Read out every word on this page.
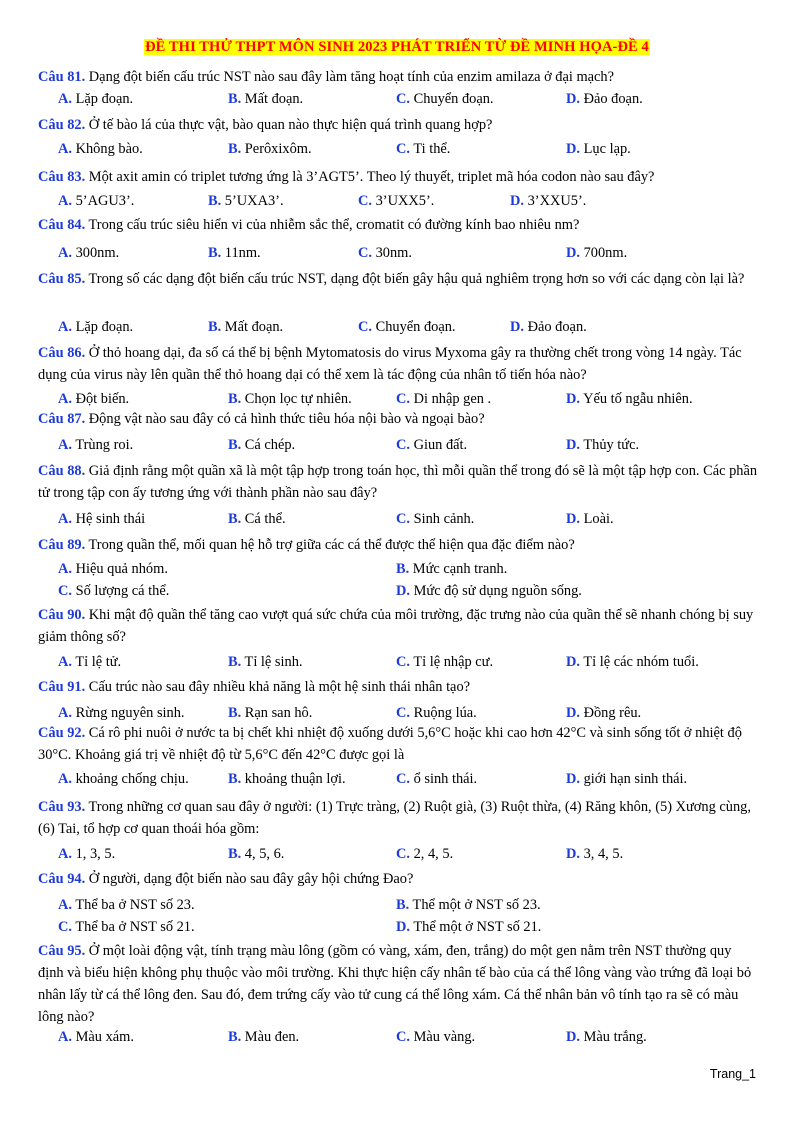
ĐỀ THI THỬ THPT MÔN SINH 2023 PHÁT TRIỂN TỪ ĐỀ MINH HỌA-ĐỀ 4
Câu 81. Dạng đột biến cấu trúc NST nào sau đây làm tăng hoạt tính của enzim amilaza ở đại mạch?
A. Lặp đoạn.	B. Mất đoạn.	C. Chuyển đoạn.	D. Đảo đoạn.
Câu 82. Ở tế bào lá của thực vật, bào quan nào thực hiện quá trình quang hợp?
A. Không bào.	B. Perôxixôm.	C. Ti thể.	D. Lục lạp.
Câu 83. Một axit amin có triplet tương ứng là 3’AGT5’. Theo lý thuyết, triplet mã hóa codon nào sau đây?
A. 5’AGU3’.	B. 5’UXA3’.	C. 3’UXX5’.	D. 3’XXU5’.
Câu 84. Trong cấu trúc siêu hiển vi của nhiễm sắc thể, cromatit có đường kính bao nhiêu nm?
A. 300nm.	B. 11nm.	C. 30nm.	D. 700nm.
Câu 85. Trong số các dạng đột biến cấu trúc NST, dạng đột biến gây hậu quả nghiêm trọng hơn so với các dạng còn lại là?
A. Lặp đoạn.	B. Mất đoạn.	C. Chuyển đoạn.	D. Đảo đoạn.
Câu 86. Ở thỏ hoang dại, đa số cá thể bị bệnh Mytomatosis do virus Myxoma gây ra thường chết trong vòng 14 ngày. Tác dụng của virus này lên quần thể thỏ hoang dại có thể xem là tác động của nhân tố tiến hóa nào?
A. Đột biến.	B. Chọn lọc tự nhiên.	C. Di nhập gen .	D. Yếu tố ngẫu nhiên.
Câu 87. Động vật nào sau đây có cả hình thức tiêu hóa nội bào và ngoại bào?
A. Trùng roi.	B. Cá chép.	C. Giun đất.	D. Thủy tức.
Câu 88. Giả định rằng một quần xã là một tập hợp trong toán học, thì mỗi quần thể trong đó sẽ là một tập hợp con. Các phần tử trong tập con ấy tương ứng với thành phần nào sau đây?
A. Hệ sinh thái	B. Cá thể.	C. Sinh cảnh.	D. Loài.
Câu 89. Trong quần thể, mối quan hệ hỗ trợ giữa các cá thể được thể hiện qua đặc điểm nào?
A. Hiệu quả nhóm.	B. Mức cạnh tranh.
C. Số lượng cá thể.	D. Mức độ sử dụng nguồn sống.
Câu 90. Khi mật độ quần thể tăng cao vượt quá sức chứa của môi trường, đặc trưng nào của quần thể sẽ nhanh chóng bị suy giảm thông số?
A. Tỉ lệ tử.	B. Tỉ lệ sinh.	C. Tỉ lệ nhập cư.	D. Tỉ lệ các nhóm tuổi.
Câu 91. Cấu trúc nào sau đây nhiều khả năng là một hệ sinh thái nhân tạo?
A. Rừng nguyên sinh.	B. Rạn san hô.	C. Ruộng lúa.	D. Đồng rêu.
Câu 92. Cá rô phi nuôi ở nước ta bị chết khi nhiệt độ xuống dưới 5,6°C hoặc khi cao hơn 42°C và sinh sống tốt ở nhiệt độ 30°C. Khoảng giá trị về nhiệt độ từ 5,6°C đến 42°C được gọi là
A. khoảng chống chịu.	B. khoảng thuận lợi.	C. ổ sinh thái.	D. giới hạn sinh thái.
Câu 93. Trong những cơ quan sau đây ở người: (1) Trực tràng, (2) Ruột già, (3) Ruột thừa, (4) Răng khôn, (5) Xương cùng, (6) Tai, tổ hợp cơ quan thoái hóa gồm:
A. 1, 3, 5.	B. 4, 5, 6.	C. 2, 4, 5.	D. 3, 4, 5.
Câu 94. Ở người, dạng đột biến nào sau đây gây hội chứng Đao?
A. Thể ba ở NST số 23.	B. Thể một ở NST số 23.
C. Thể ba ở NST số 21.	D. Thể một ở NST số 21.
Câu 95. Ở một loài động vật, tính trạng màu lông (gồm có vàng, xám, đen, trắng) do một gen nằm trên NST thường quy định và biểu hiện không phụ thuộc vào môi trường. Khi thực hiện cấy nhân tế bào của cá thể lông vàng vào trứng đã loại bỏ nhân lấy từ cá thể lông đen. Sau đó, đem trứng cấy vào tử cung cá thể lông xám. Cá thể nhân bản vô tính tạo ra sẽ có màu lông nào?
A. Màu xám.	B. Màu đen.	C. Màu vàng.	D. Màu trắng.
Trang_1
